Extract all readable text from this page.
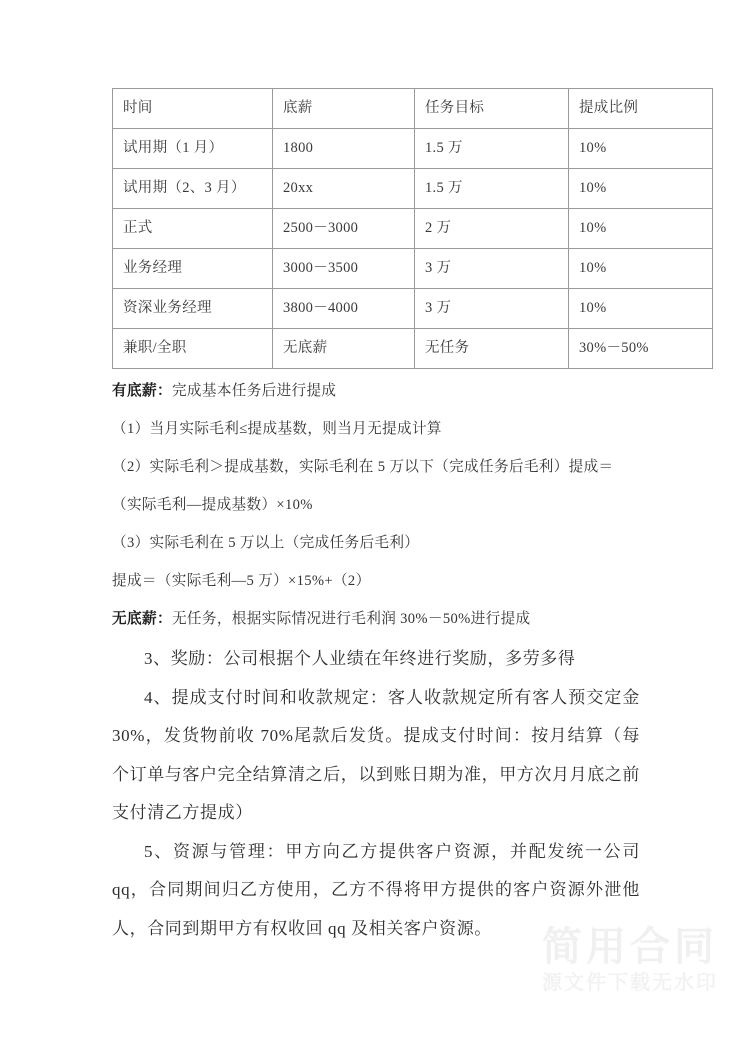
时间	底薪	任务目标	提成比例
试用期（1 月）	1800	1.5 万	10%
试用期（2、3 月）	20xx	1.5 万	10%
正式	2500－3000	2 万	10%
业务经理	3000－3500	3 万	10%
资深业务经理	3800－4000	3 万	10%
兼职/全职	无底薪	无任务	30%－50%

有底薪：完成基本任务后进行提成

（1）当月实际毛利≤提成基数，则当月无提成计算

（2）实际毛利＞提成基数，实际毛利在 5 万以下（完成任务后毛利）提成＝（实际毛利—提成基数）×10%

（3）实际毛利在 5 万以上（完成任务后毛利）

提成＝（实际毛利—5 万）×15%+（2）

无底薪：无任务，根据实际情况进行毛利润 30%－50%进行提成

3、奖励：公司根据个人业绩在年终进行奖励，多劳多得

4、提成支付时间和收款规定：客人收款规定所有客人预交定金 30%，发货物前收 70%尾款后发货。提成支付时间：按月结算（每个订单与客户完全结算清之后，以到账日期为准，甲方次月月底之前支付清乙方提成）

5、资源与管理：甲方向乙方提供客户资源，并配发统一公司 qq，合同期间归乙方使用，乙方不得将甲方提供的客户资源外泄他人，合同到期甲方有权收回 qq 及相关客户资源。	简用合同
源文件下载无水印
